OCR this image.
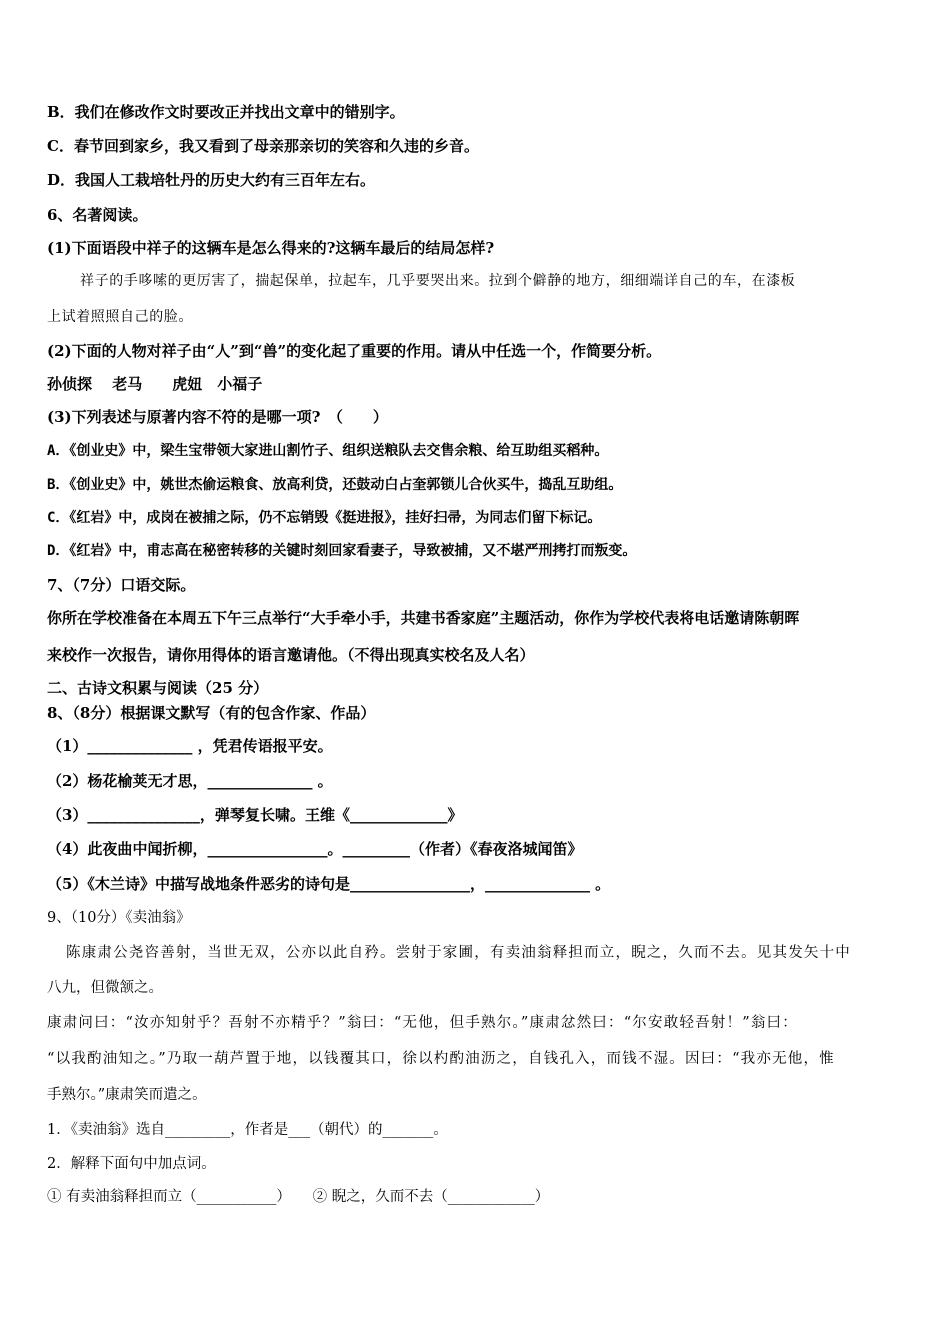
B．我们在修改作文时要改正并找出文章中的错别字。
C．春节回到家乡，我又看到了母亲那亲切的笑容和久违的乡音。
D．我国人工栽培牡丹的历史大约有三百年左右。
6、名著阅读。
(1)下面语段中祥子的这辆车是怎么得来的?这辆车最后的结局怎样?
祥子的手哆嗦的更厉害了，揣起保单，拉起车，几乎要哭出来。拉到个僻静的地方，细细端详自己的车，在漆板
上试着照照自己的脸。
(2)下面的人物对祥子由“人”到“兽”的变化起了重要的作用。请从中任选一个，作简要分析。
孙侦探　 老马　　虎妞　小福子
(3)下列表述与原著内容不符的是哪一项?　（　　）
A．《创业史》中，梁生宝带领大家进山割竹子、组织送粮队去交售余粮、给互助组买稻种。
B．《创业史》中，姚世杰偷运粮食、放高利贷，还鼓动白占奎郭锁儿合伙买牛，捣乱互助组。
C．《红岩》中，成岗在被捕之际，仍不忘销毁《挺进报》，挂好扫帚，为同志们留下标记。
D．《红岩》中，甫志高在秘密转移的关键时刻回家看妻子，导致被捕，又不堪严刑拷打而叛变。
7、（7分）口语交际。
你所在学校准备在本周五下午三点举行“大手牵小手，共建书香家庭”主题活动，你作为学校代表将电话邀请陈朝晖
来校作一次报告，请你用得体的语言邀请他。（不得出现真实校名及人名）
二、古诗文积累与阅读（25 分）
8、（8分）根据课文默写（有的包含作家、作品）
（1）______________ ，凭君传语报平安。
（2）杨花榆荚无才思，______________ 。
（3）_______________，弹琴复长啸。王维《_____________》
（4）此夜曲中闻折柳，________________。_________（作者）《春夜洛城闻笛》
（5）《木兰诗》中描写战地条件恶劣的诗句是________________，______________ 。
9、（10分）《卖油翁》
陈康肃公尧咨善射，当世无双，公亦以此自矜。尝射于家圃，有卖油翁释担而立，睨之，久而不去。见其发矢十中
八九，但微颔之。
康肃问曰：“汝亦知射乎？吾射不亦精乎？”翁曰：“无他，但手熟尔。”康肃忿然曰：“尔安敢轻吾射！”翁曰：
“以我酌油知之。”乃取一葫芦置于地，以钱覆其口，徐以杓酌油沥之，自钱孔入，而钱不湿。因曰：“我亦无他，惟
手熟尔。”康肃笑而遣之。
1．《卖油翁》选自_________，作者是___（朝代）的_______。
2．解释下面句中加点词。
① 有卖油翁释担而立（___________）　　② 睨之，久而不去（____________）
